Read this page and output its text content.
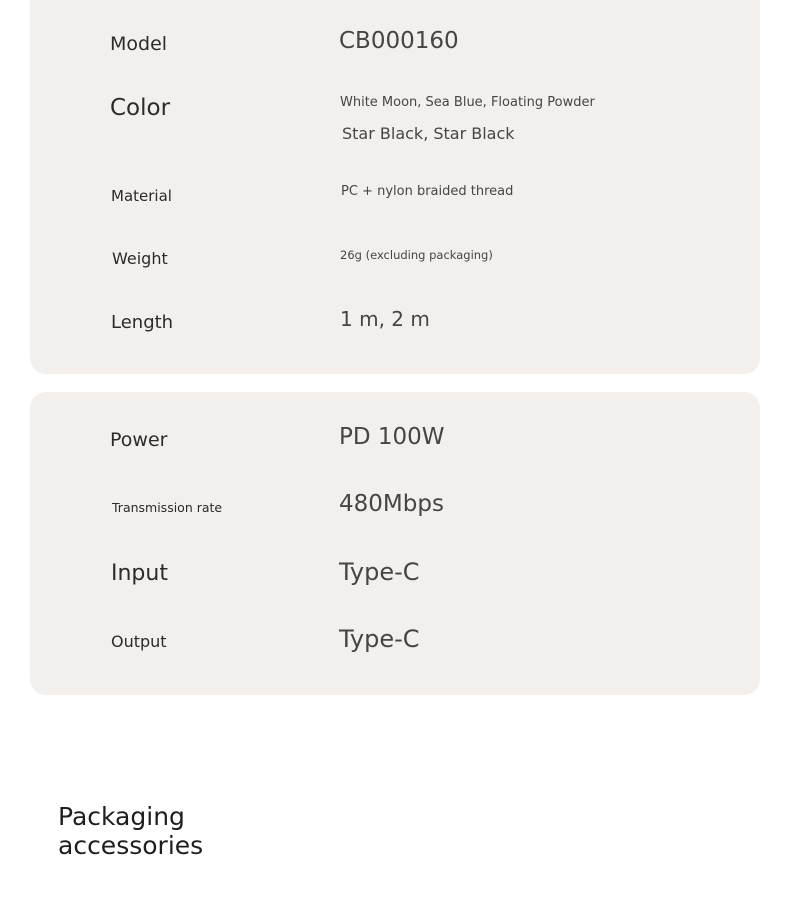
Model	CB000160
Color	White Moon, Sea Blue, Floating Powder
Star Black, Star Black
Material	PC + nylon braided thread
Weight	26g (excluding packaging)
Length	1 m, 2 m
Power	PD 100W
Transmission rate	480Mbps
Input	Type-C
Output	Type-C
Packaging
accessories
